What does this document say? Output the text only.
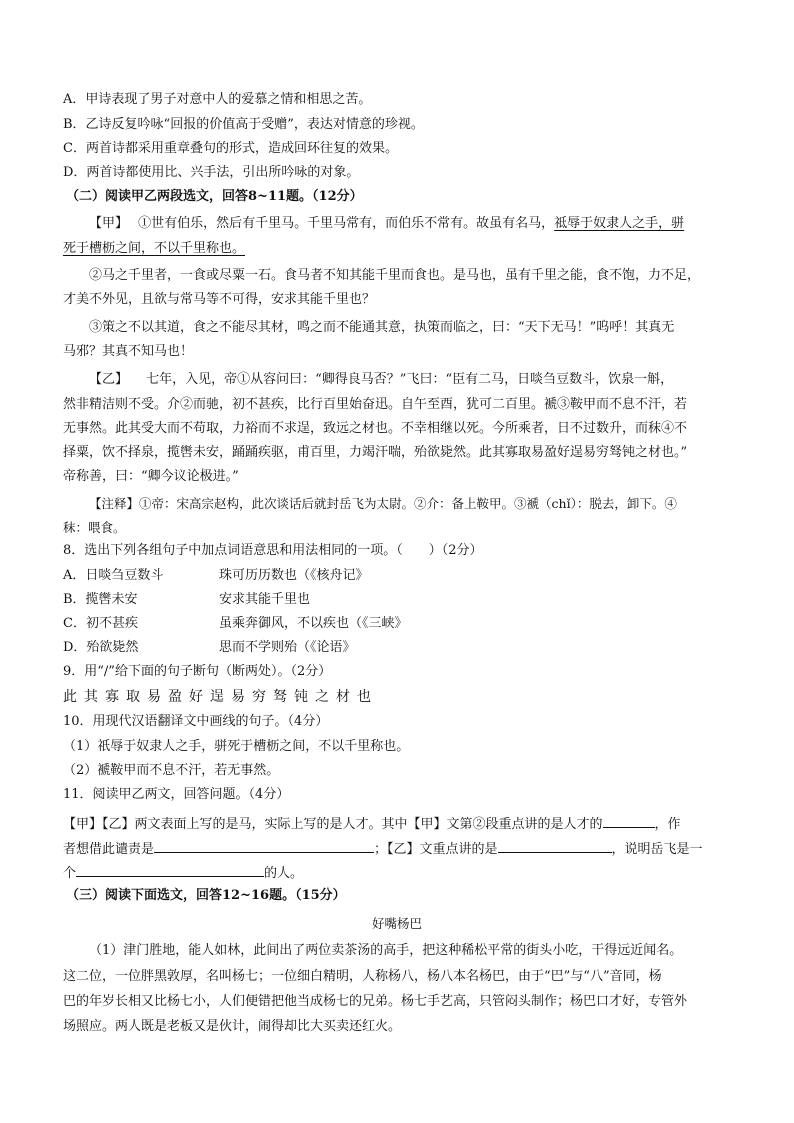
A．甲诗表现了男子对意中人的爱慕之情和相思之苦。
B．乙诗反复吟咏“回报的价值高于受赠”，表达对情意的珍视。
C．两首诗都采用重章叠句的形式，造成回环往复的效果。
D．两首诗都使用比、兴手法，引出所吟咏的对象。
（二）阅读甲乙两段选文，回答8~11题。（12分）
【甲】 ①世有伯乐，然后有千里马。千里马常有，而伯乐不常有。故虽有名马，祗辱于奴隶人之手，骈
死于槽枥之间，不以千里称也。
②马之千里者，一食或尽粟一石。食马者不知其能千里而食也。是马也，虽有千里之能，食不饱，力不足，
才美不外见，且欲与常马等不可得，安求其能千里也？
③策之不以其道，食之不能尽其材，鸣之而不能通其意，执策而临之，曰：“天下无马！”呜呼！其真无
马邪？其真不知马也！
【乙】 七年，入见，帝①从容问曰：“卿得良马否？”飞曰：“臣有二马，日啖刍豆数斗，饮泉一斛，
然非精洁则不受。介②而驰，初不甚疾，比行百里始奋迅。自午至酉，犹可二百里。褫③鞍甲而不息不汗，若
无事然。此其受大而不苟取，力裕而不求逞，致远之材也。不幸相继以死。今所乘者，日不过数升，而秣④不
择粟，饮不择泉，揽辔未安，踊踊疾驱，甫百里，力竭汗喘，殆欲毙然。此其寡取易盈好逞易穷驽钝之材也。”
帝称善，曰：“卿今议论极进。”
【注释】①帝：宋高宗赵构，此次谈话后就封岳飞为太尉。②介：备上鞍甲。③褫（chǐ）：脱去，卸下。④
秣：喂食。
8．选出下列各组句子中加点词语意思和用法相同的一项。（　　）（2分）
A．日啖刍豆数斗	珠可历历数也（《核舟记》
B．揽辔未安	安求其能千里也
C．初不甚疾	虽乘奔御风，不以疾也（《三峡》
D．殆欲毙然	思而不学则殆（《论语》
9．用“/”给下面的句子断句（断两处）。（2分）
此其寡取易盈好逞易穷驽钝之材也
10．用现代汉语翻译文中画线的句子。（4分）
（1）祇辱于奴隶人之手，骈死于槽枥之间，不以千里称也。
（2）褫鞍甲而不息不汗，若无事然。
11．阅读甲乙两文，回答问题。（4分）
【甲】【乙】两文表面上写的是马，实际上写的是人才。其中【甲】文第②段重点讲的是人才的	，作
者想借此谴责是	；【乙】文重点讲的是	，说明岳飞是一
个	的人。
（三）阅读下面选文，回答12~16题。（15分）
好嘴杨巴
（1）津门胜地，能人如林，此间出了两位卖茶汤的高手，把这种稀松平常的街头小吃，干得远近闻名。
这二位，一位胖黑敦厚，名叫杨七；一位细白精明，人称杨八，杨八本名杨巴，由于“巴”与“八”音同，杨
巴的年岁长相又比杨七小，人们便错把他当成杨七的兄弟。杨七手艺高，只管闷头制作；杨巴口才好，专管外
场照应。两人既是老板又是伙计，闹得却比大买卖还红火。
